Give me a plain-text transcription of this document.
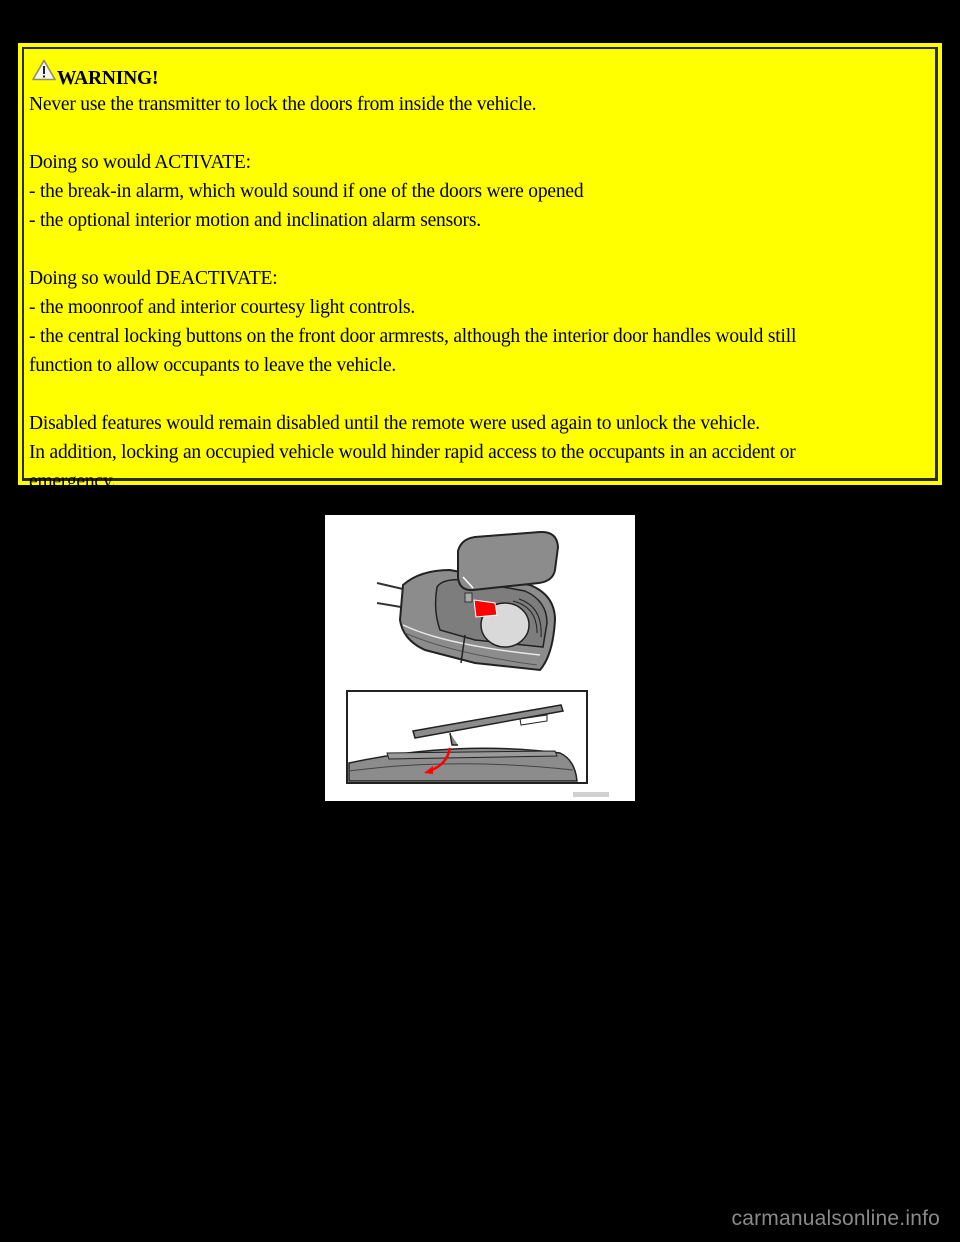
WARNING!

Never use the transmitter to lock the doors from inside the vehicle.

Doing so would ACTIVATE:
- the break-in alarm, which would sound if one of the doors were opened
- the optional interior motion and inclination alarm sensors.

Doing so would DEACTIVATE:
- the moonroof and interior courtesy light controls.
- the central locking buttons on the front door armrests, although the interior door handles would still
function to allow occupants to leave the vehicle.

Disabled features would remain disabled until the remote were used again to unlock the vehicle.
In addition, locking an occupied vehicle would hinder rapid access to the occupants in an accident or
emergency.

carmanualsonline.info
